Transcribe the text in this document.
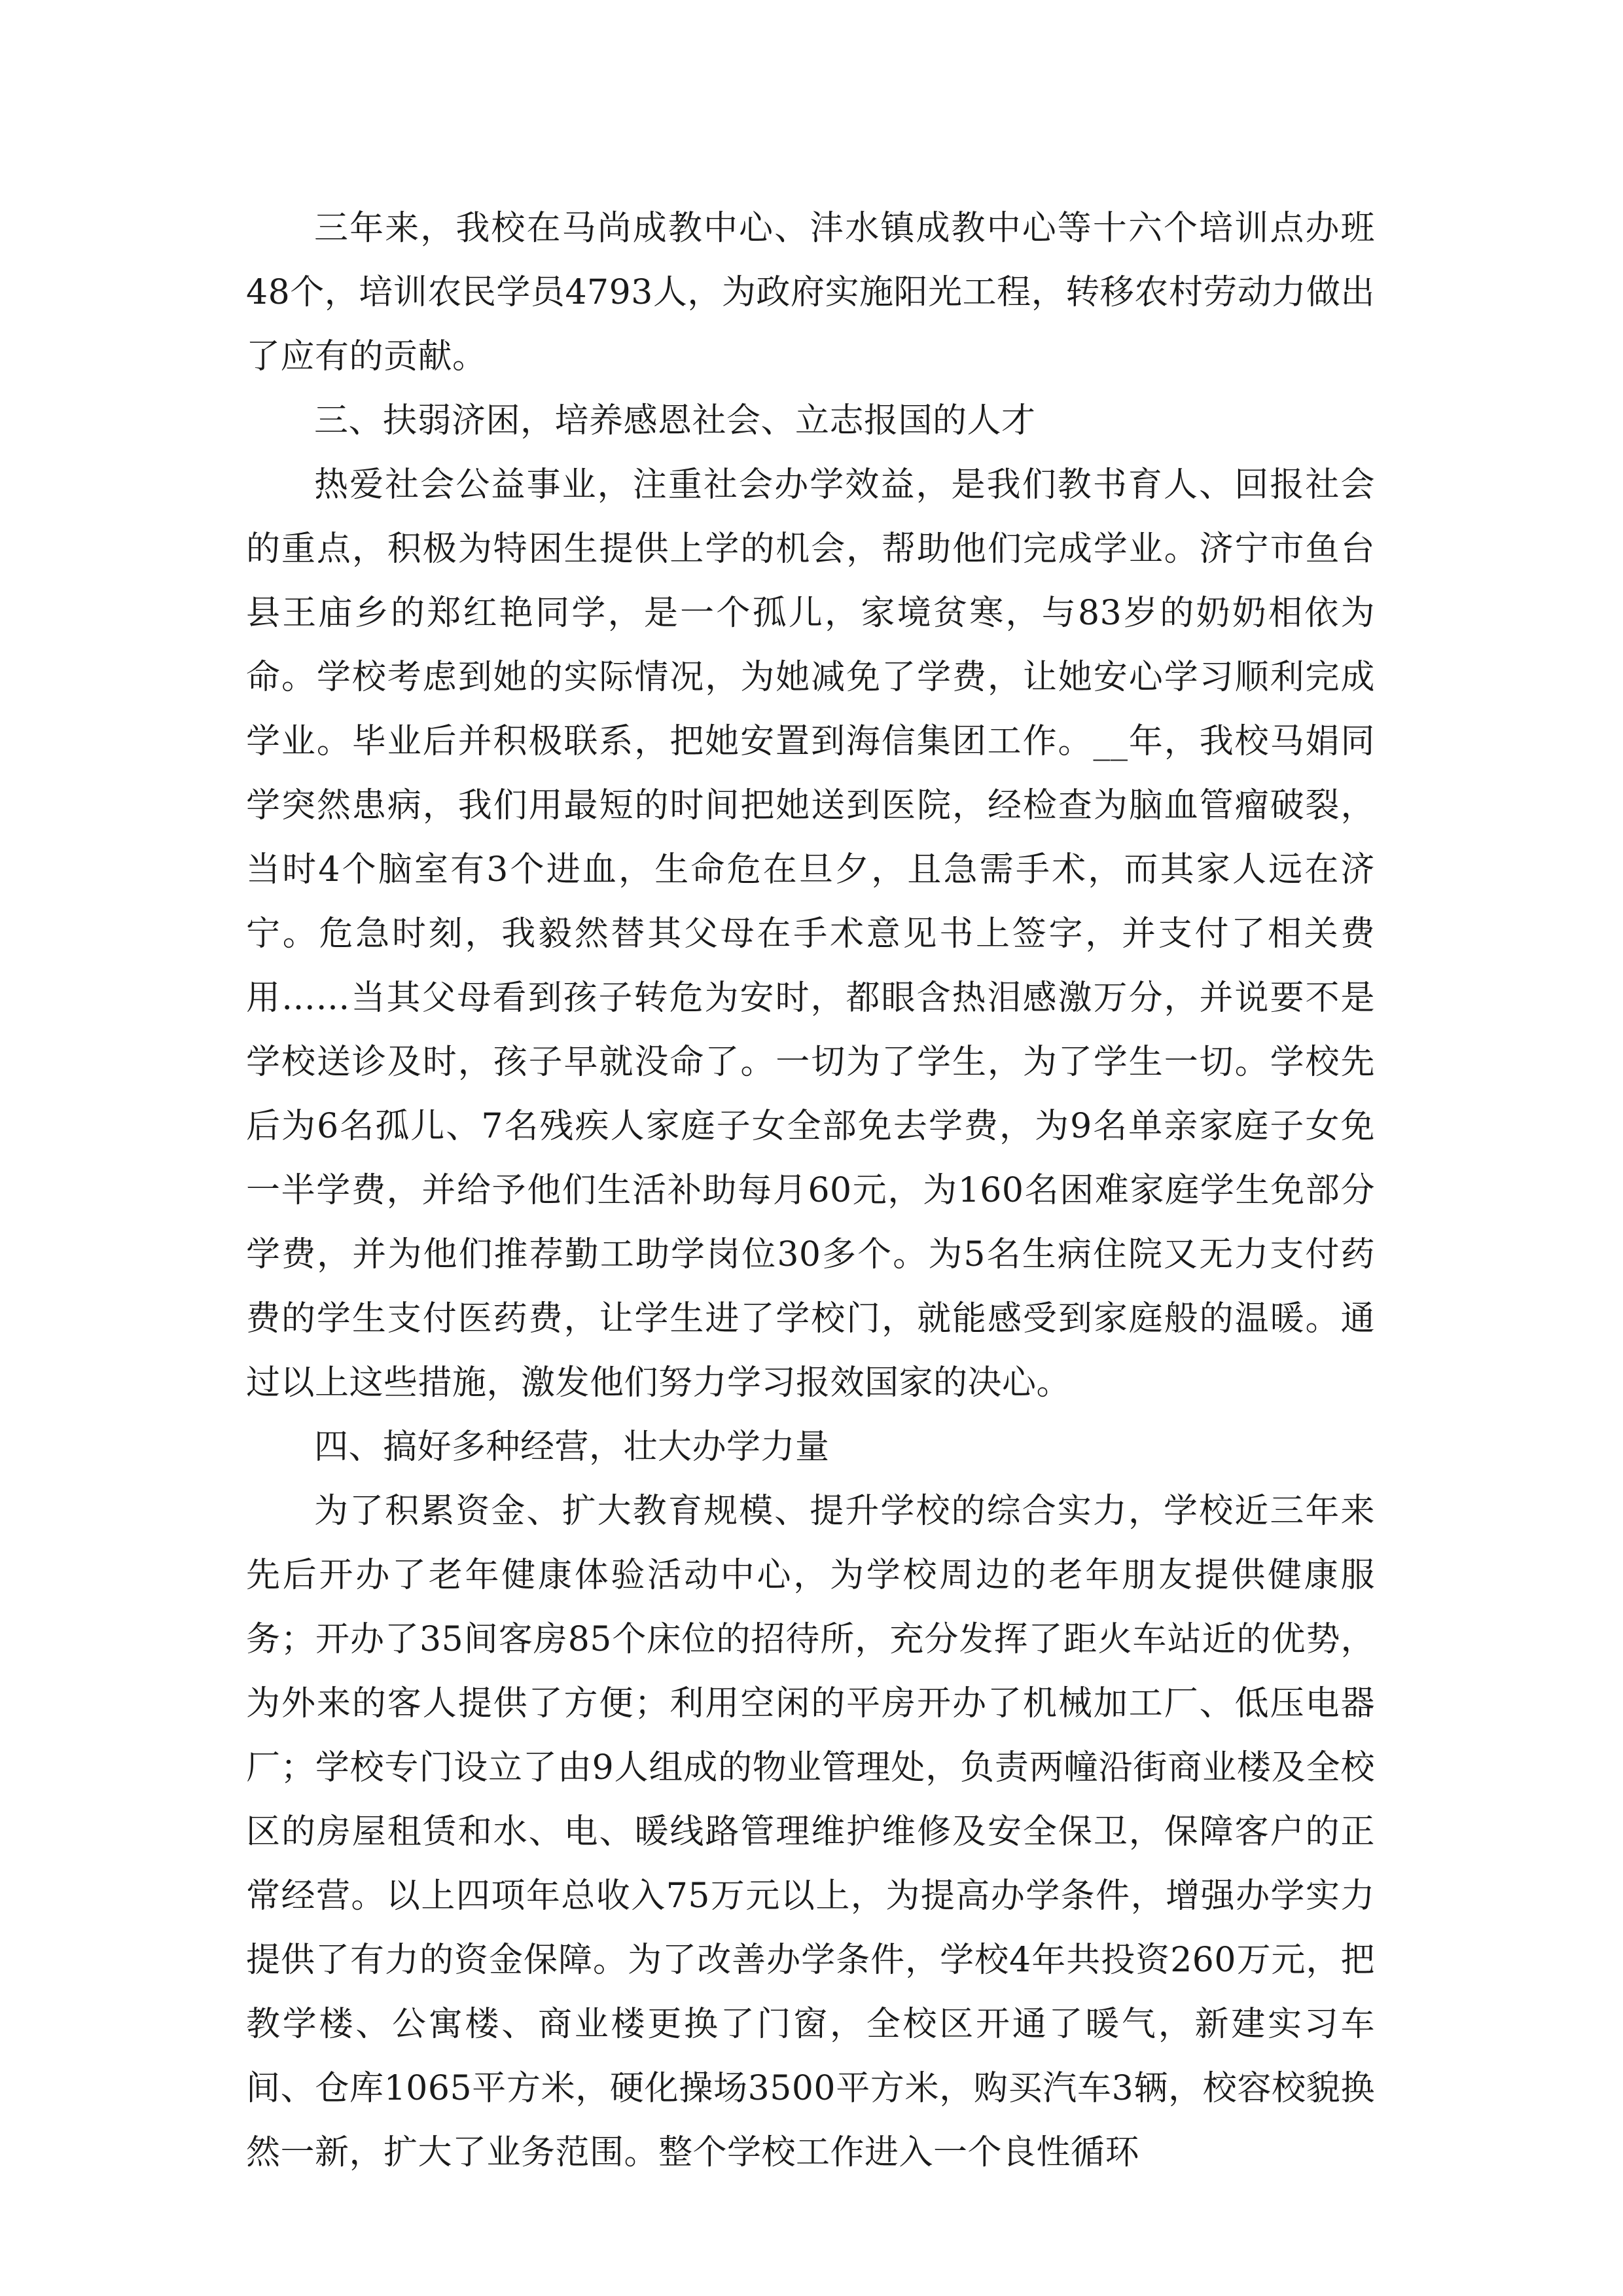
三年来，我校在马尚成教中心、沣水镇成教中心等十六个培训点办班48个，培训农民学员4793人，为政府实施阳光工程，转移农村劳动力做出了应有的贡献。

三、扶弱济困，培养感恩社会、立志报国的人才

热爱社会公益事业，注重社会办学效益，是我们教书育人、回报社会的重点，积极为特困生提供上学的机会，帮助他们完成学业。济宁市鱼台县王庙乡的郑红艳同学，是一个孤儿，家境贫寒，与83岁的奶奶相依为命。学校考虑到她的实际情况，为她减免了学费，让她安心学习顺利完成学业。毕业后并积极联系，把她安置到海信集团工作。__年，我校马娟同学突然患病，我们用最短的时间把她送到医院，经检查为脑血管瘤破裂，当时4个脑室有3个进血，生命危在旦夕，且急需手术，而其家人远在济宁。危急时刻，我毅然替其父母在手术意见书上签字，并支付了相关费用……当其父母看到孩子转危为安时，都眼含热泪感激万分，并说要不是学校送诊及时，孩子早就没命了。一切为了学生，为了学生一切。学校先后为6名孤儿、7名残疾人家庭子女全部免去学费，为9名单亲家庭子女免一半学费，并给予他们生活补助每月60元，为160名困难家庭学生免部分学费，并为他们推荐勤工助学岗位30多个。为5名生病住院又无力支付药费的学生支付医药费，让学生进了学校门，就能感受到家庭般的温暖。通过以上这些措施，激发他们努力学习报效国家的决心。

四、搞好多种经营，壮大办学力量

为了积累资金、扩大教育规模、提升学校的综合实力，学校近三年来先后开办了老年健康体验活动中心，为学校周边的老年朋友提供健康服务；开办了35间客房85个床位的招待所，充分发挥了距火车站近的优势，为外来的客人提供了方便；利用空闲的平房开办了机械加工厂、低压电器厂；学校专门设立了由9人组成的物业管理处，负责两幢沿街商业楼及全校区的房屋租赁和水、电、暖线路管理维护维修及安全保卫，保障客户的正常经营。以上四项年总收入75万元以上，为提高办学条件，增强办学实力提供了有力的资金保障。为了改善办学条件，学校4年共投资260万元，把教学楼、公寓楼、商业楼更换了门窗，全校区开通了暖气，新建实习车间、仓库1065平方米，硬化操场3500平方米，购买汽车3辆，校容校貌换然一新，扩大了业务范围。整个学校工作进入一个良性循环
